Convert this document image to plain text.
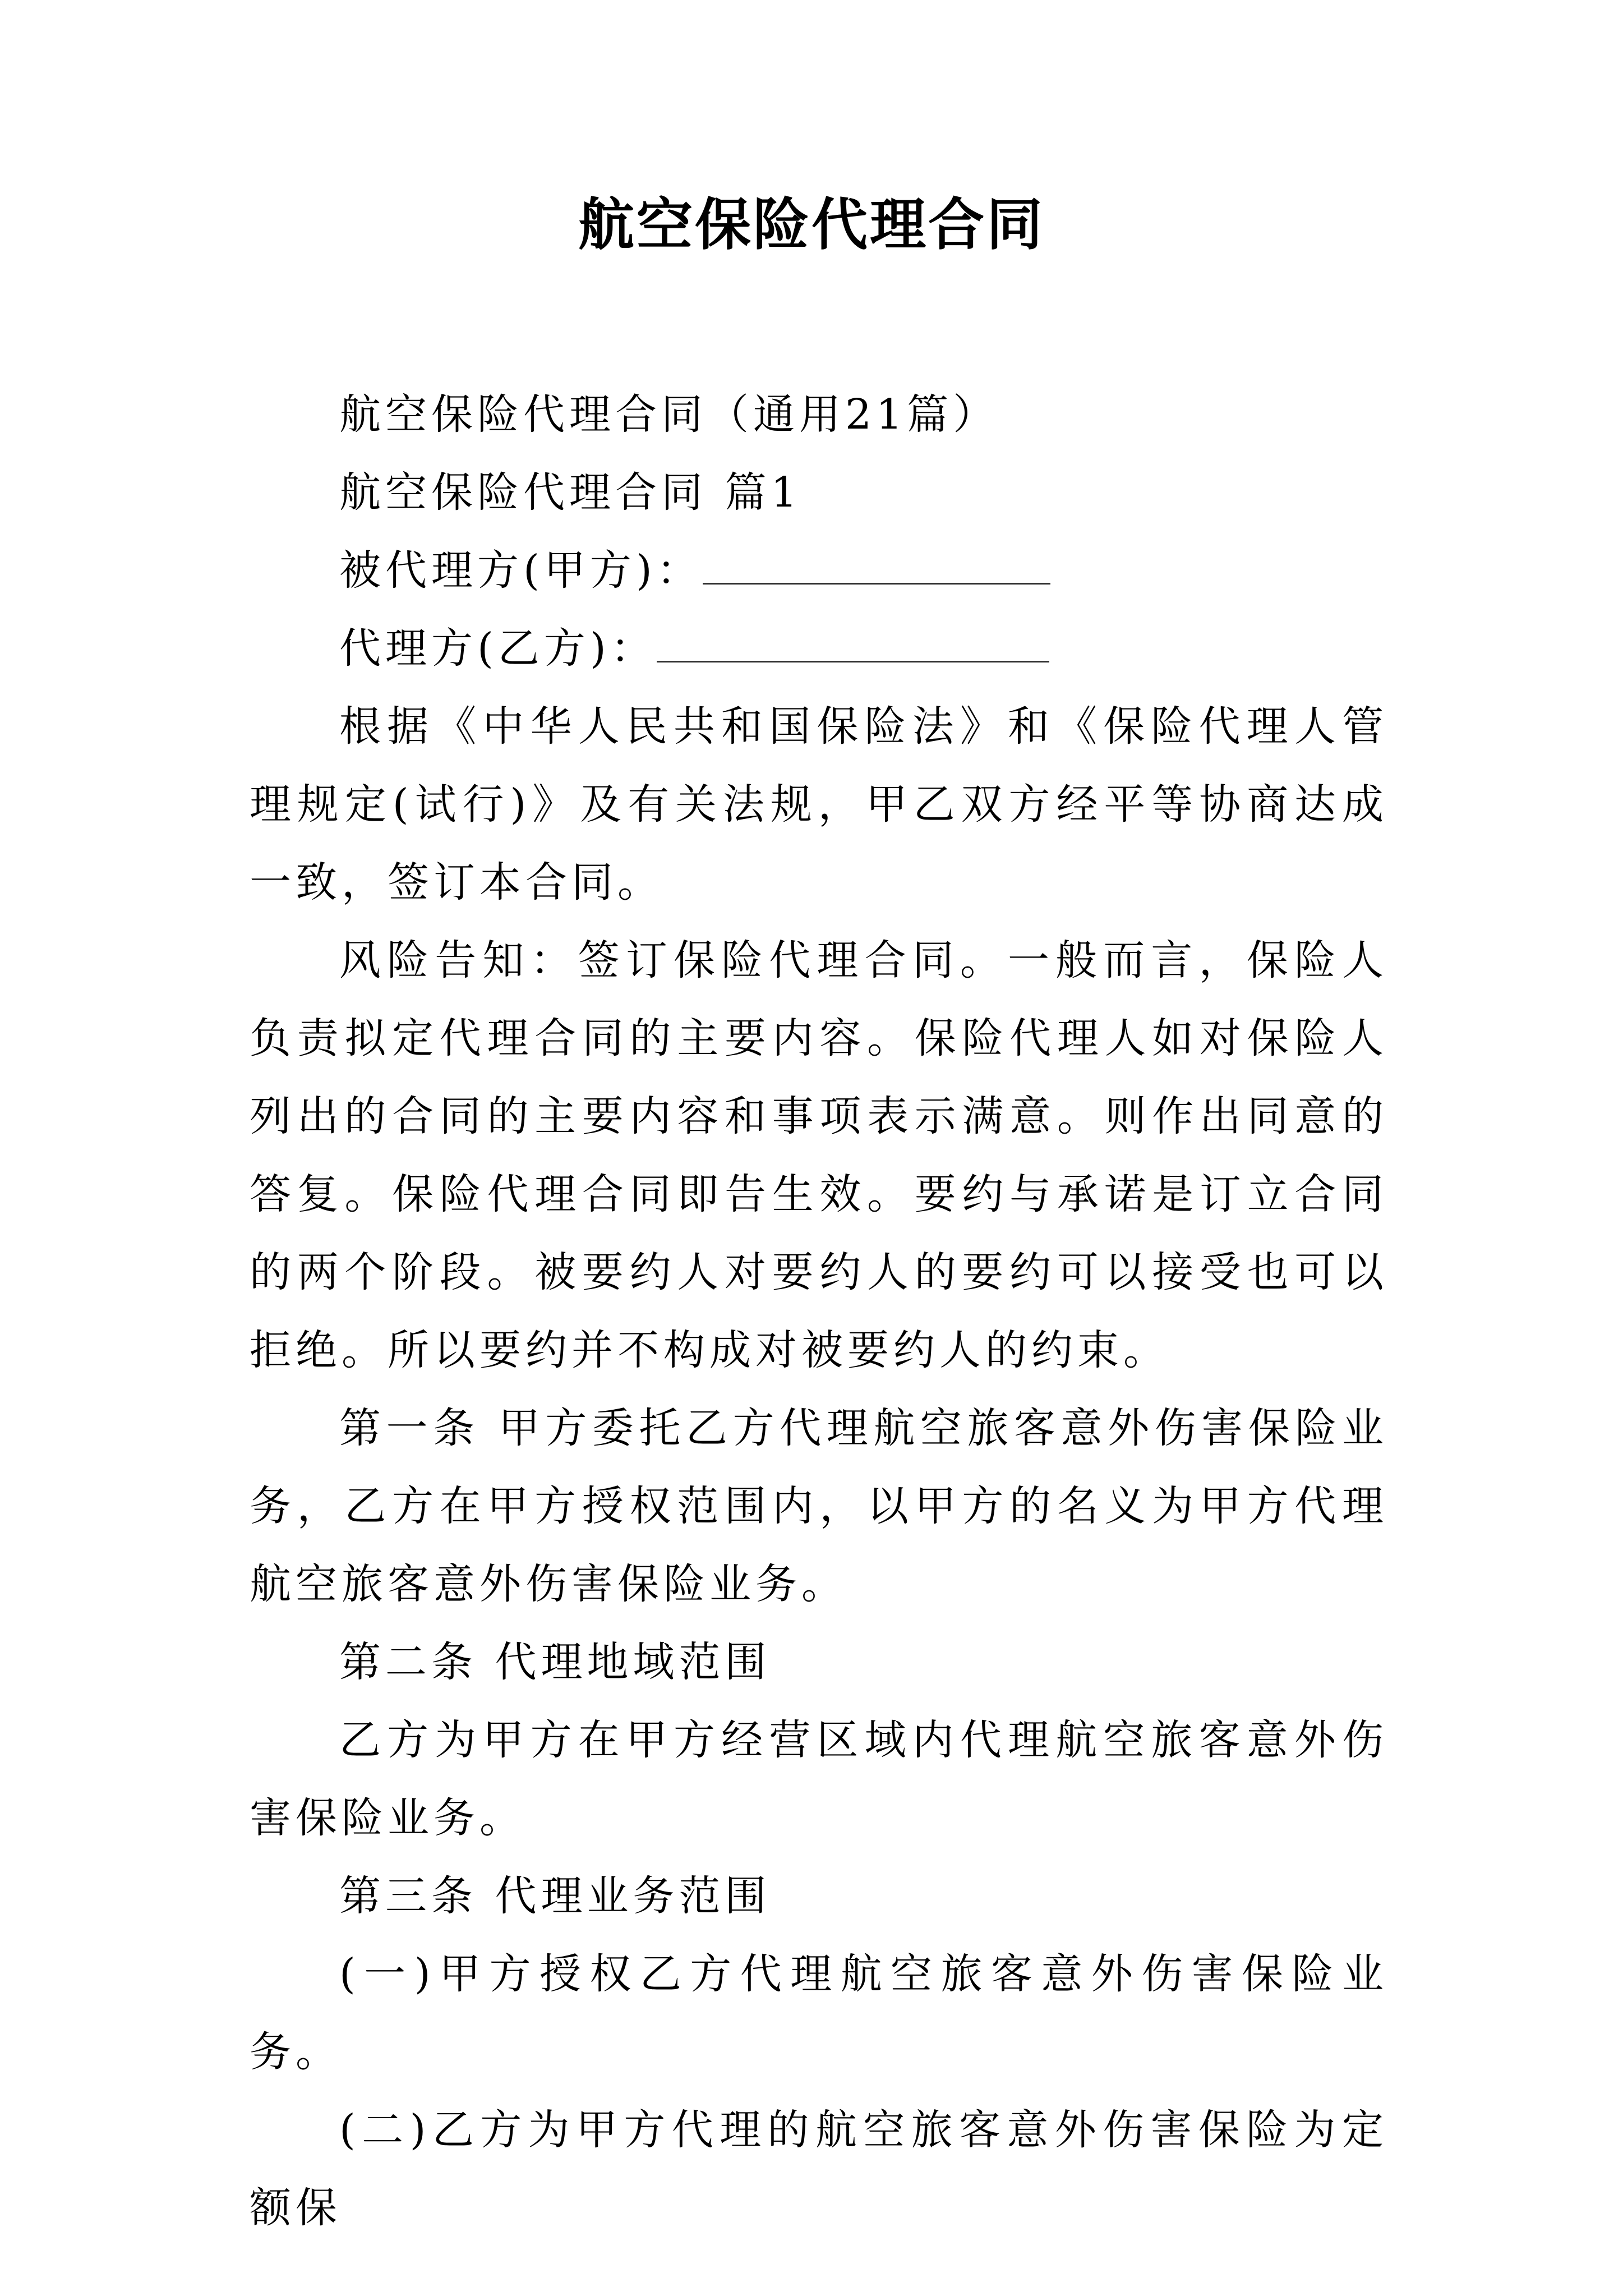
航空保险代理合同

航空保险代理合同（通用21篇）

航空保险代理合同 篇1

被代理方(甲方)：

代理方(乙方)：

根据《中华人民共和国保险法》和《保险代理人管理规定(试行)》及有关法规，甲乙双方经平等协商达成一致，签订本合同。

风险告知：签订保险代理合同。一般而言，保险人负责拟定代理合同的主要内容。保险代理人如对保险人列出的合同的主要内容和事项表示满意。则作出同意的答复。保险代理合同即告生效。要约与承诺是订立合同的两个阶段。被要约人对要约人的要约可以接受也可以拒绝。所以要约并不构成对被要约人的约束。

第一条 甲方委托乙方代理航空旅客意外伤害保险业务，乙方在甲方授权范围内，以甲方的名义为甲方代理航空旅客意外伤害保险业务。

第二条 代理地域范围

乙方为甲方在甲方经营区域内代理航空旅客意外伤害保险业务。

第三条 代理业务范围

(一)甲方授权乙方代理航空旅客意外伤害保险业务。

(二)乙方为甲方代理的航空旅客意外伤害保险为定额保
